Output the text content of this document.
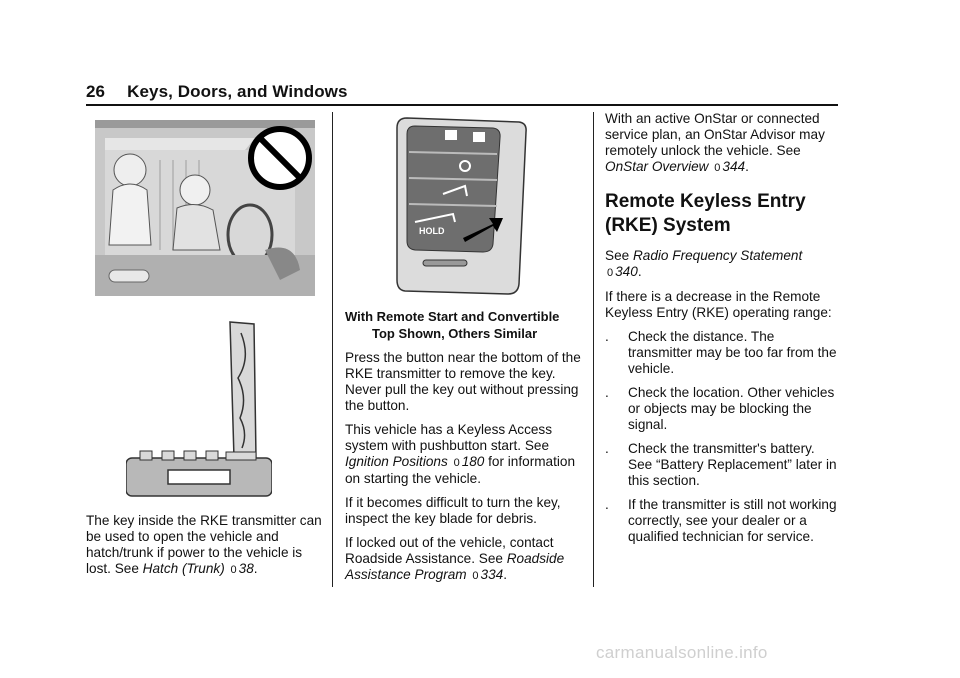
26 Keys, Doors, and Windows
HOLD

The key inside the RKE transmitter can be used to open the vehicle and hatch/trunk if power to the vehicle is lost. See Hatch (Trunk) 0 38.

With Remote Start and Convertible
Top Shown, Others Similar

Press the button near the bottom of the RKE transmitter to remove the key. Never pull the key out without pressing the button.

This vehicle has a Keyless Access system with pushbutton start. See Ignition Positions 0 180 for information on starting the vehicle.

If it becomes difficult to turn the key, inspect the key blade for debris.

If locked out of the vehicle, contact Roadside Assistance. See Roadside Assistance Program 0 334.

With an active OnStar or connected service plan, an OnStar Advisor may remotely unlock the vehicle. See OnStar Overview 0 344.

Remote Keyless Entry (RKE) System

See Radio Frequency Statement
0 340.

If there is a decrease in the Remote Keyless Entry (RKE) operating range:

.	Check the distance. The transmitter may be too far from the vehicle.
.	Check the location. Other vehicles or objects may be blocking the signal.
.	Check the transmitter's battery. See “Battery Replacement” later in this section.
.	If the transmitter is still not working correctly, see your dealer or a qualified technician for service.
carmanualsonline.info
